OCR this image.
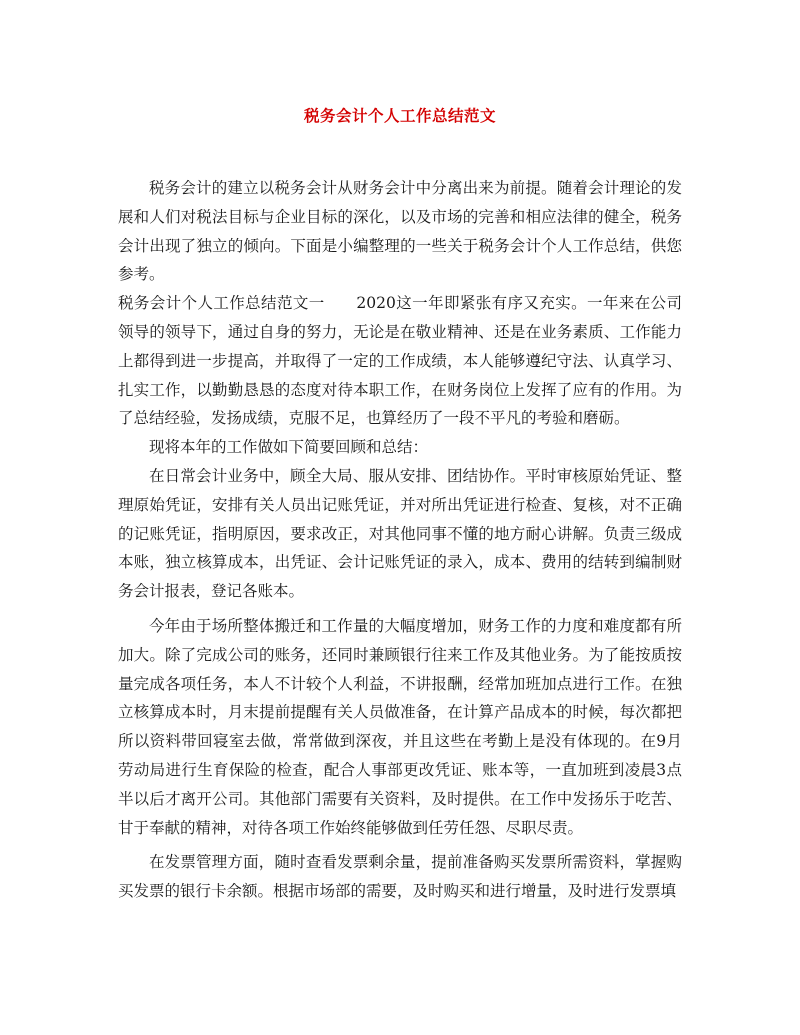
税务会计个人工作总结范文

税务会计的建立以税务会计从财务会计中分离出来为前提。随着会计理论的发展和人们对税法目标与企业目标的深化，以及市场的完善和相应法律的健全，税务会计出现了独立的倾向。下面是小编整理的一些关于税务会计个人工作总结，供您参考。

税务会计个人工作总结范文一　　2020这一年即紧张有序又充实。一年来在公司领导的领导下，通过自身的努力，无论是在敬业精神、还是在业务素质、工作能力上都得到进一步提高，并取得了一定的工作成绩，本人能够遵纪守法、认真学习、扎实工作，以勤勤恳恳的态度对待本职工作，在财务岗位上发挥了应有的作用。为了总结经验，发扬成绩，克服不足，也算经历了一段不平凡的考验和磨砺。

现将本年的工作做如下简要回顾和总结：

在日常会计业务中，顾全大局、服从安排、团结协作。平时审核原始凭证、整理原始凭证，安排有关人员出记账凭证，并对所出凭证进行检查、复核，对不正确的记账凭证，指明原因，要求改正，对其他同事不懂的地方耐心讲解。负责三级成本账，独立核算成本，出凭证、会计记账凭证的录入，成本、费用的结转到编制财务会计报表，登记各账本。

今年由于场所整体搬迁和工作量的大幅度增加，财务工作的力度和难度都有所加大。除了完成公司的账务，还同时兼顾银行往来工作及其他业务。为了能按质按量完成各项任务，本人不计较个人利益，不讲报酬，经常加班加点进行工作。在独立核算成本时，月末提前提醒有关人员做准备，在计算产品成本的时候，每次都把所以资料带回寝室去做，常常做到深夜，并且这些在考勤上是没有体现的。在9月劳动局进行生育保险的检查，配合人事部更改凭证、账本等，一直加班到凌晨3点半以后才离开公司。其他部门需要有关资料，及时提供。在工作中发扬乐于吃苦、甘于奉献的精神，对待各项工作始终能够做到任劳任怨、尽职尽责。

在发票管理方面，随时查看发票剩余量，提前准备购买发票所需资料，掌握购买发票的银行卡余额。根据市场部的需要，及时购买和进行增量，及时进行发票填
